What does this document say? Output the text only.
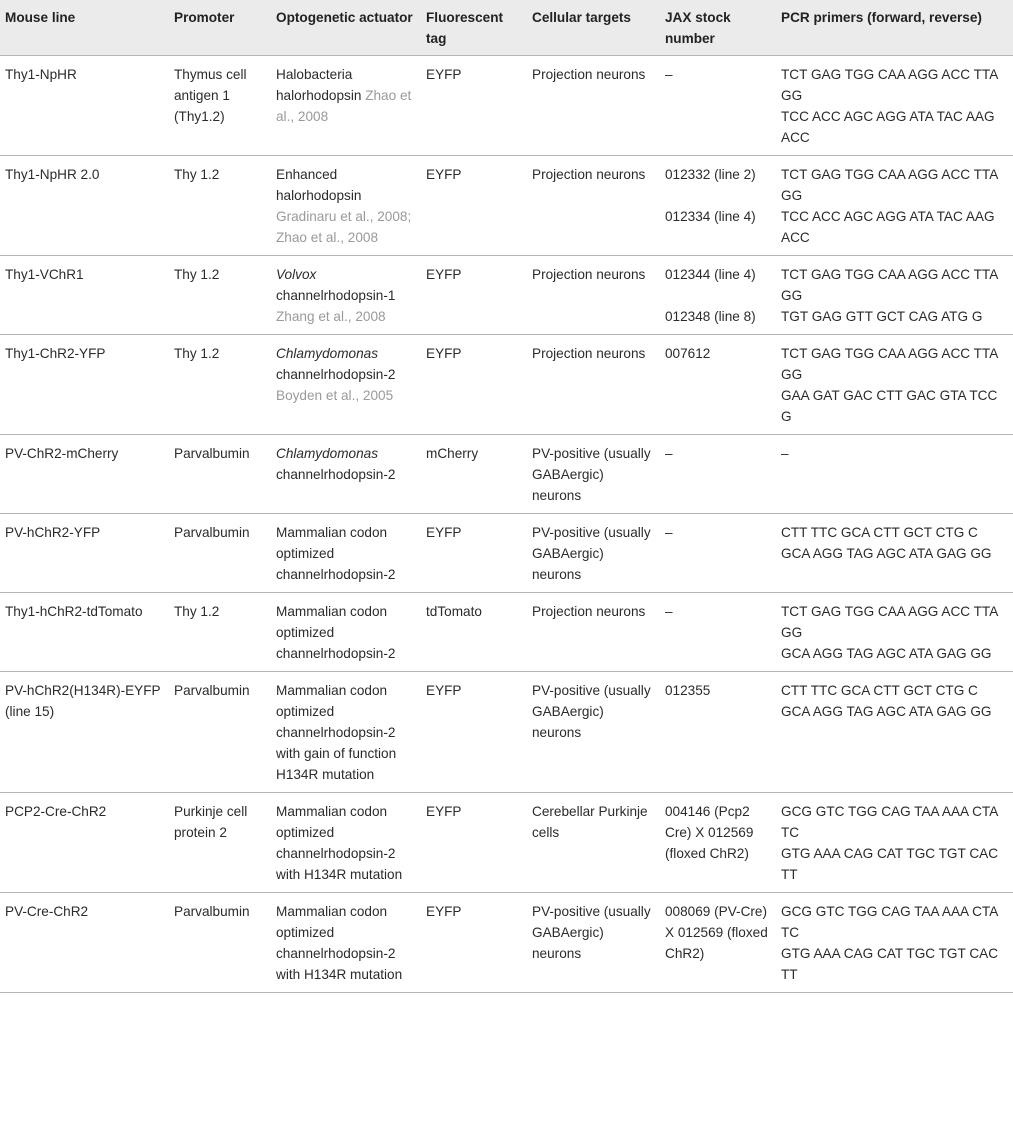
Mouse line	Promoter	Optogenetic actuator	Fluorescent tag	Cellular targets	JAX stock number	PCR primers (forward, reverse)
Thy1-NpHR	Thymus cell antigen 1 (Thy1.2)	Halobacteria halorhodopsin Zhao et al., 2008	EYFP	Projection neurons	–	TCT GAG TGG CAA AGG ACC TTA GG
TCC ACC AGC AGG ATA TAC AAG ACC

Thy1-NpHR 2.0	Thy 1.2	Enhanced halorhodopsin Gradinaru et al., 2008; Zhao et al., 2008	EYFP	Projection neurons	012332 (line 2)
012334 (line 4)	TCT GAG TGG CAA AGG ACC TTA GG
TCC ACC AGC AGG ATA TAC AAG ACC

Thy1-VChR1	Thy 1.2	Volvox
channelrhodopsin-1 Zhang et al., 2008	EYFP	Projection neurons	012344 (line 4)
012348 (line 8)	TCT GAG TGG CAA AGG ACC TTA GG
TGT GAG GTT GCT CAG ATG G

Thy1-ChR2-YFP	Thy 1.2	Chlamydomonas
channelrhodopsin-2 Boyden et al., 2005	EYFP	Projection neurons	007612	TCT GAG TGG CAA AGG ACC TTA GG
GAA GAT GAC CTT GAC GTA TCC G

PV-ChR2-mCherry	Parvalbumin	Chlamydomonas
channelrhodopsin-2	mCherry	PV-positive (usually GABAergic) neurons	–	–

PV-hChR2-YFP	Parvalbumin	Mammalian codon optimized channelrhodopsin-2	EYFP	PV-positive (usually GABAergic) neurons	–	CTT TTC GCA CTT GCT CTG C
GCA AGG TAG AGC ATA GAG GG

Thy1-hChR2-tdTomato	Thy 1.2	Mammalian codon optimized channelrhodopsin-2	tdTomato	Projection neurons	–	TCT GAG TGG CAA AGG ACC TTA GG
GCA AGG TAG AGC ATA GAG GG

PV-hChR2(H134R)-EYFP (line 15)	Parvalbumin	Mammalian codon optimized channelrhodopsin-2 with gain of function H134R mutation	EYFP	PV-positive (usually GABAergic) neurons	012355	CTT TTC GCA CTT GCT CTG C
GCA AGG TAG AGC ATA GAG GG

PCP2-Cre-ChR2	Purkinje cell protein 2	Mammalian codon optimized channelrhodopsin-2 with H134R mutation	EYFP	Cerebellar Purkinje cells	004146 (Pcp2 Cre) X 012569 (floxed ChR2)	GCG GTC TGG CAG TAA AAA CTA TC
GTG AAA CAG CAT TGC TGT CAC TT

PV-Cre-ChR2	Parvalbumin	Mammalian codon optimized channelrhodopsin-2 with H134R mutation	EYFP	PV-positive (usually GABAergic) neurons	008069 (PV-Cre) X 012569 (floxed ChR2)	GCG GTC TGG CAG TAA AAA CTA TC
GTG AAA CAG CAT TGC TGT CAC TT
